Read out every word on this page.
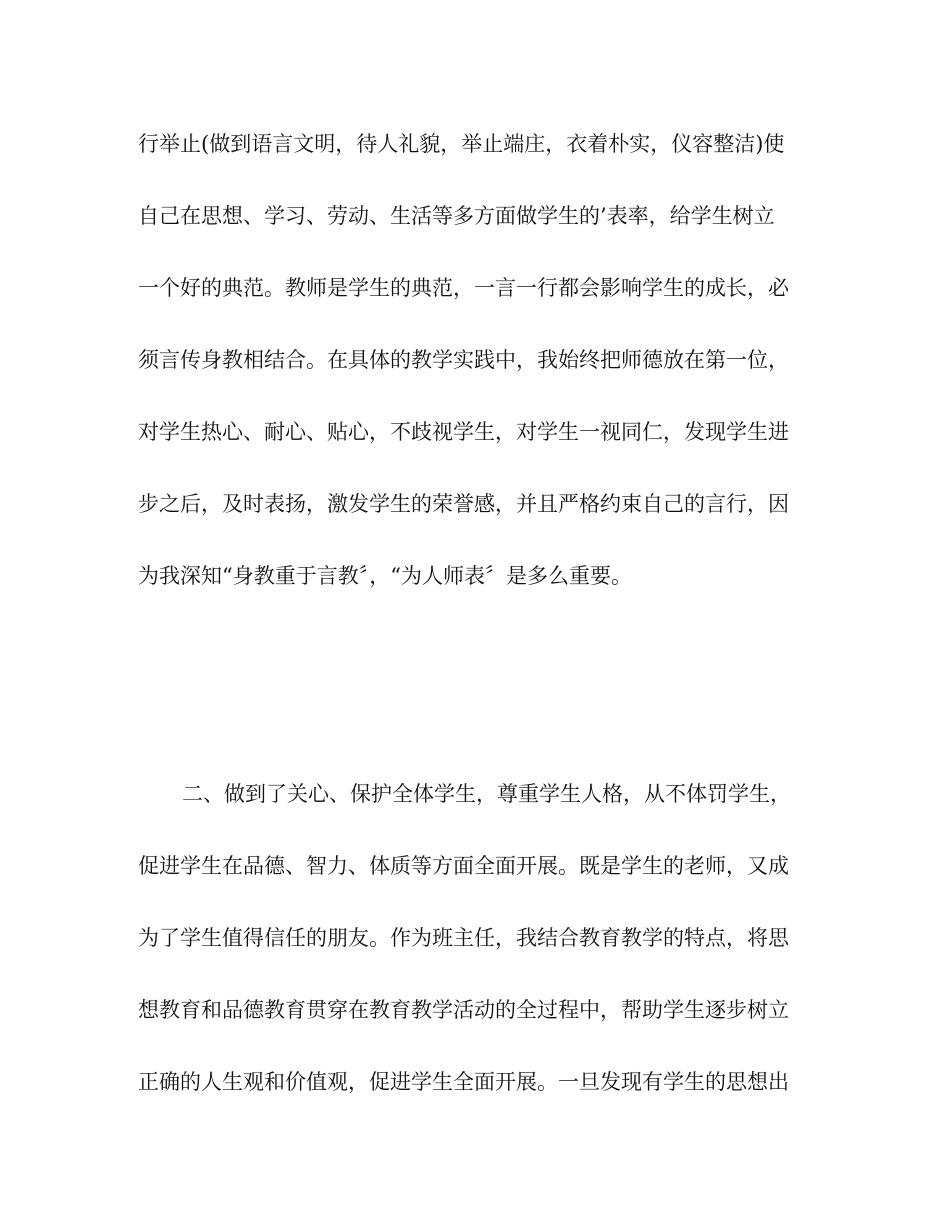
行举止(做到语言文明，待人礼貌，举止端庄，衣着朴实，仪容整洁)使
自己在思想、学习、劳动、生活等多方面做学生的’表率，给学生树立
一个好的典范。教师是学生的典范，一言一行都会影响学生的成长，必
须言传身教相结合。在具体的教学实践中，我始终把师德放在第一位，
对学生热心、耐心、贴心，不歧视学生，对学生一视同仁，发现学生进
步之后，及时表扬，激发学生的荣誉感，并且严格约束自己的言行，因
为我深知“身教重于言教〞，“为人师表〞是多么重要。
二、做到了关心、保护全体学生，尊重学生人格，从不体罚学生，
促进学生在品德、智力、体质等方面全面开展。既是学生的老师，又成
为了学生值得信任的朋友。作为班主任，我结合教育教学的特点，将思
想教育和品德教育贯穿在教育教学活动的全过程中，帮助学生逐步树立
正确的人生观和价值观，促进学生全面开展。一旦发现有学生的思想出
